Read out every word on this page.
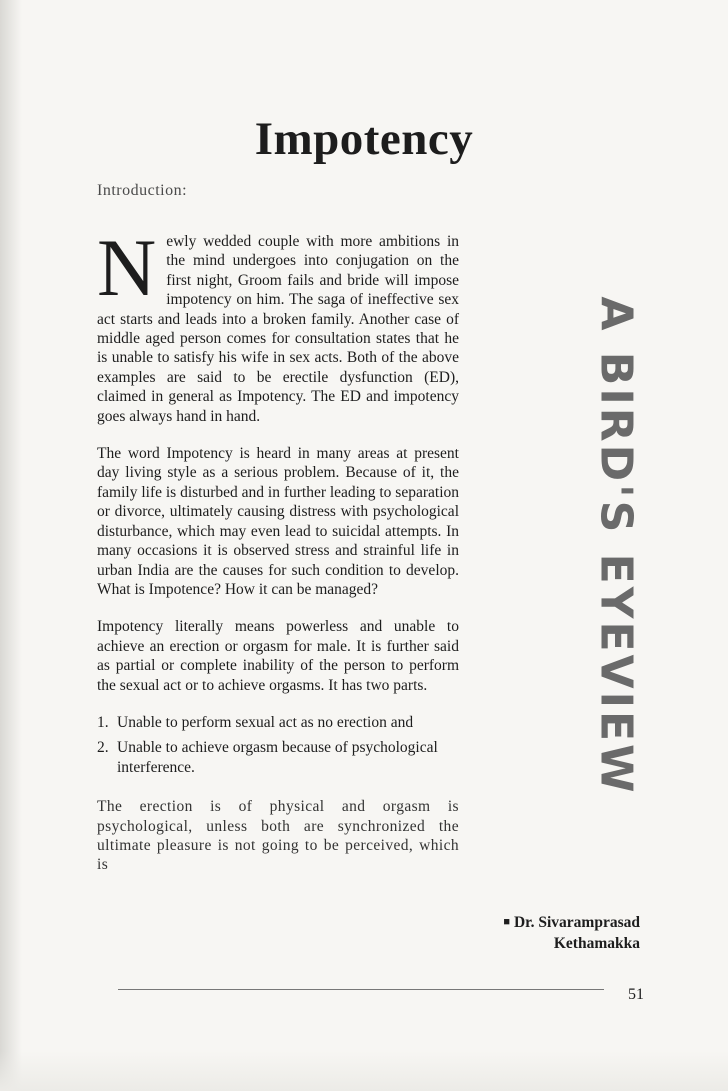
Impotency
Introduction:

Newly wedded couple with more ambitions in the mind undergoes into conjugation on the first night, Groom fails and bride will impose impotency on him. The saga of ineffective sex act starts and leads into a broken family. Another case of middle aged person comes for consultation states that he is unable to satisfy his wife in sex acts. Both of the above examples are said to be erectile dysfunction (ED), claimed in general as Impotency. The ED and impotency goes always hand in hand.

The word Impotency is heard in many areas at present day living style as a serious problem. Because of it, the family life is disturbed and in further leading to separation or divorce, ultimately causing distress with psychological disturbance, which may even lead to suicidal attempts. In many occasions it is observed stress and strainful life in urban India are the causes for such condition to develop. What is Impotence? How it can be managed?

Impotency literally means powerless and unable to achieve an erection or orgasm for male. It is further said as partial or complete inability of the person to perform the sexual act or to achieve orgasms. It has two parts.

1. Unable to perform sexual act as no erection and
2. Unable to achieve orgasm because of psychological interference.

The erection is of physical and orgasm is psychological, unless both are synchronized the ultimate pleasure is not going to be perceived, which is

A BIRD'S EYEVIEW
■ Dr. Sivaramprasad
Kethamakka
51
